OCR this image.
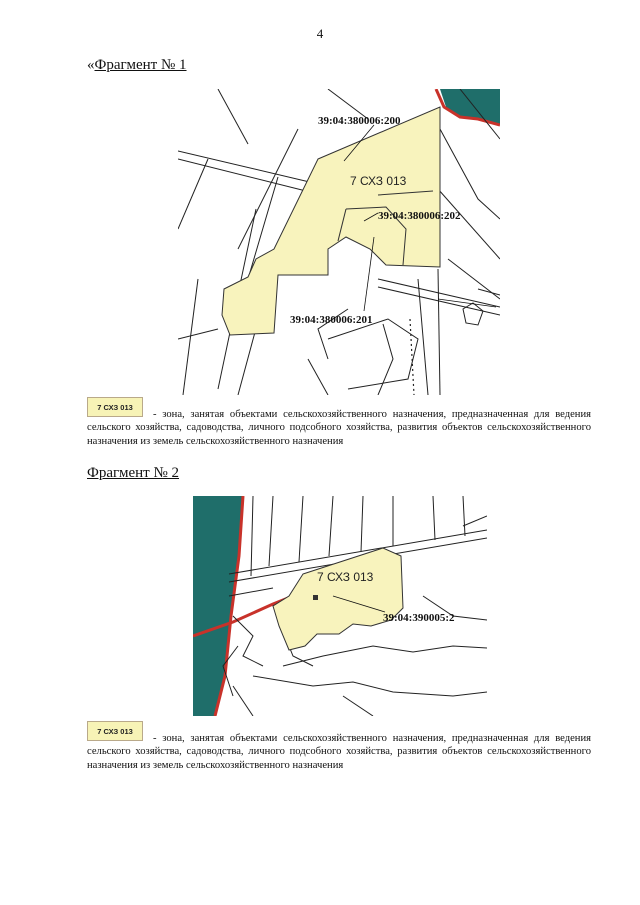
4
«Фрагмент № 1
7 СХЗ 013
39:04:380006:200
39:04:380006:202
39:04:380006:201
7 СХЗ 013
- зона, занятая объектами сельскохозяйственного назначения, предназначенная для ведения сельского хозяйства, садоводства, личного подсобного хозяйства, развития объектов сельскохозяйственного назначения из земель сельскохозяйственного назначения
Фрагмент № 2
7 СХЗ 013
39:04:390005:2
7 СХЗ 013
- зона, занятая объектами сельскохозяйственного назначения, предназначенная для ведения сельского хозяйства, садоводства, личного подсобного хозяйства, развития объектов сельскохозяйственного назначения из земель сельскохозяйственного назначения
